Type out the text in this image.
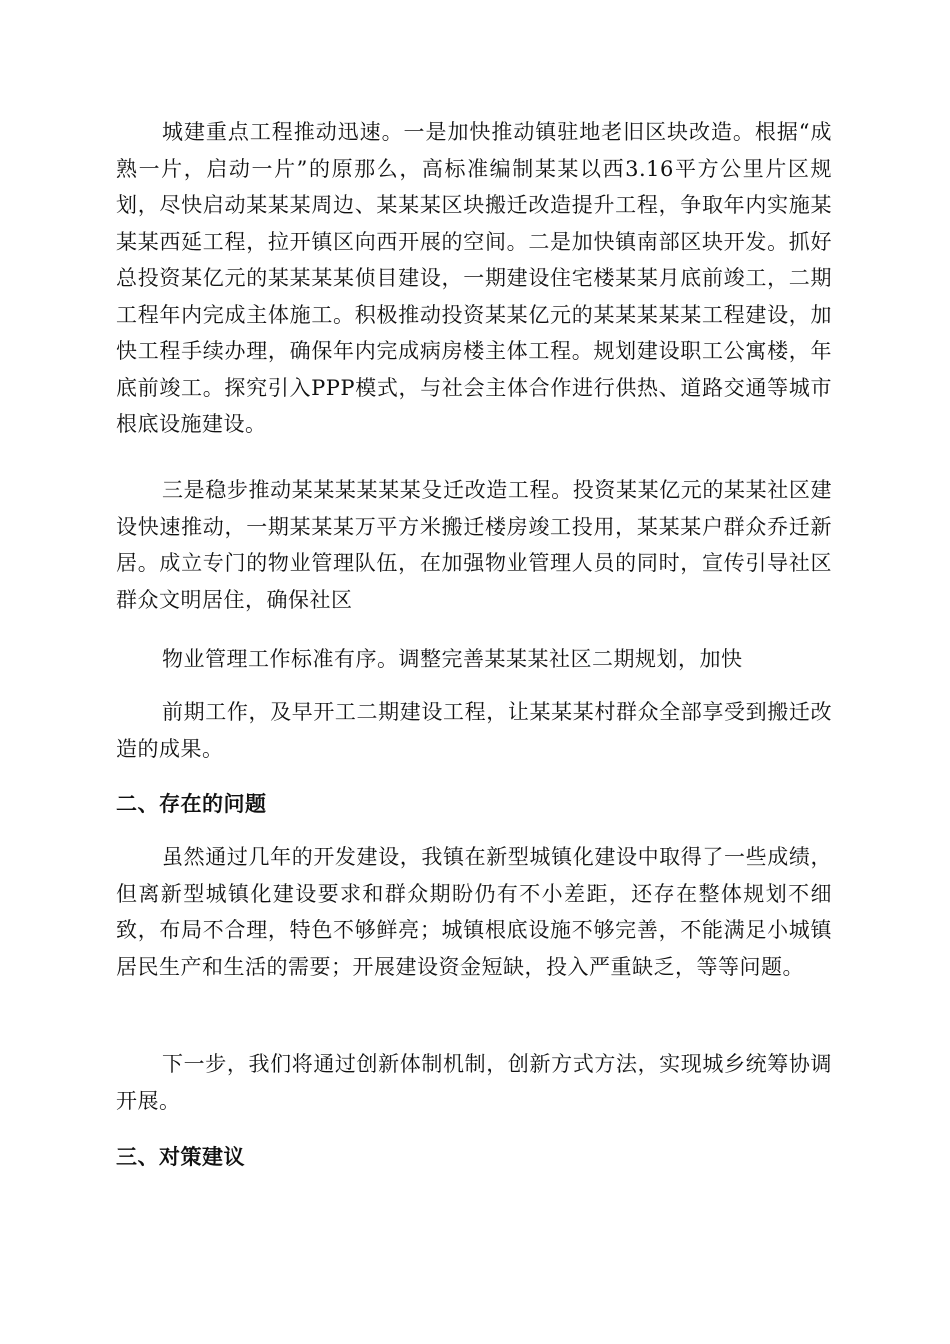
城建重点工程推动迅速。一是加快推动镇驻地老旧区块改造。根据“成熟一片，启动一片”的原那么，高标准编制某某以西3.16平方公里片区规划，尽快启动某某某周边、某某某区块搬迁改造提升工程，争取年内实施某某某西延工程，拉开镇区向西开展的空间。二是加快镇南部区块开发。抓好总投资某亿元的某某某某侦目建设，一期建设住宅楼某某月底前竣工，二期工程年内完成主体施工。积极推动投资某某亿元的某某某某某工程建设，加快工程手续办理，确保年内完成病房楼主体工程。规划建设职工公寓楼，年底前竣工。探究引入PPP模式，与社会主体合作进行供热、道路交通等城市根底设施建设。

三是稳步推动某某某某某某殳迁改造工程。投资某某亿元的某某社区建设快速推动，一期某某某万平方米搬迁楼房竣工投用，某某某户群众乔迁新居。成立专门的物业管理队伍，在加强物业管理人员的同时，宣传引导社区群众文明居住，确保社区

物业管理工作标准有序。调整完善某某某社区二期规划，加快

前期工作，及早开工二期建设工程，让某某某村群众全部享受到搬迁改造的成果。

二、存在的问题

虽然通过几年的开发建设，我镇在新型城镇化建设中取得了一些成绩，但离新型城镇化建设要求和群众期盼仍有不小差距，还存在整体规划不细致，布局不合理，特色不够鲜亮；城镇根底设施不够完善，不能满足小城镇居民生产和生活的需要；开展建设资金短缺，投入严重缺乏，等等问题。

下一步，我们将通过创新体制机制，创新方式方法，实现城乡统筹协调开展。

三、对策建议
